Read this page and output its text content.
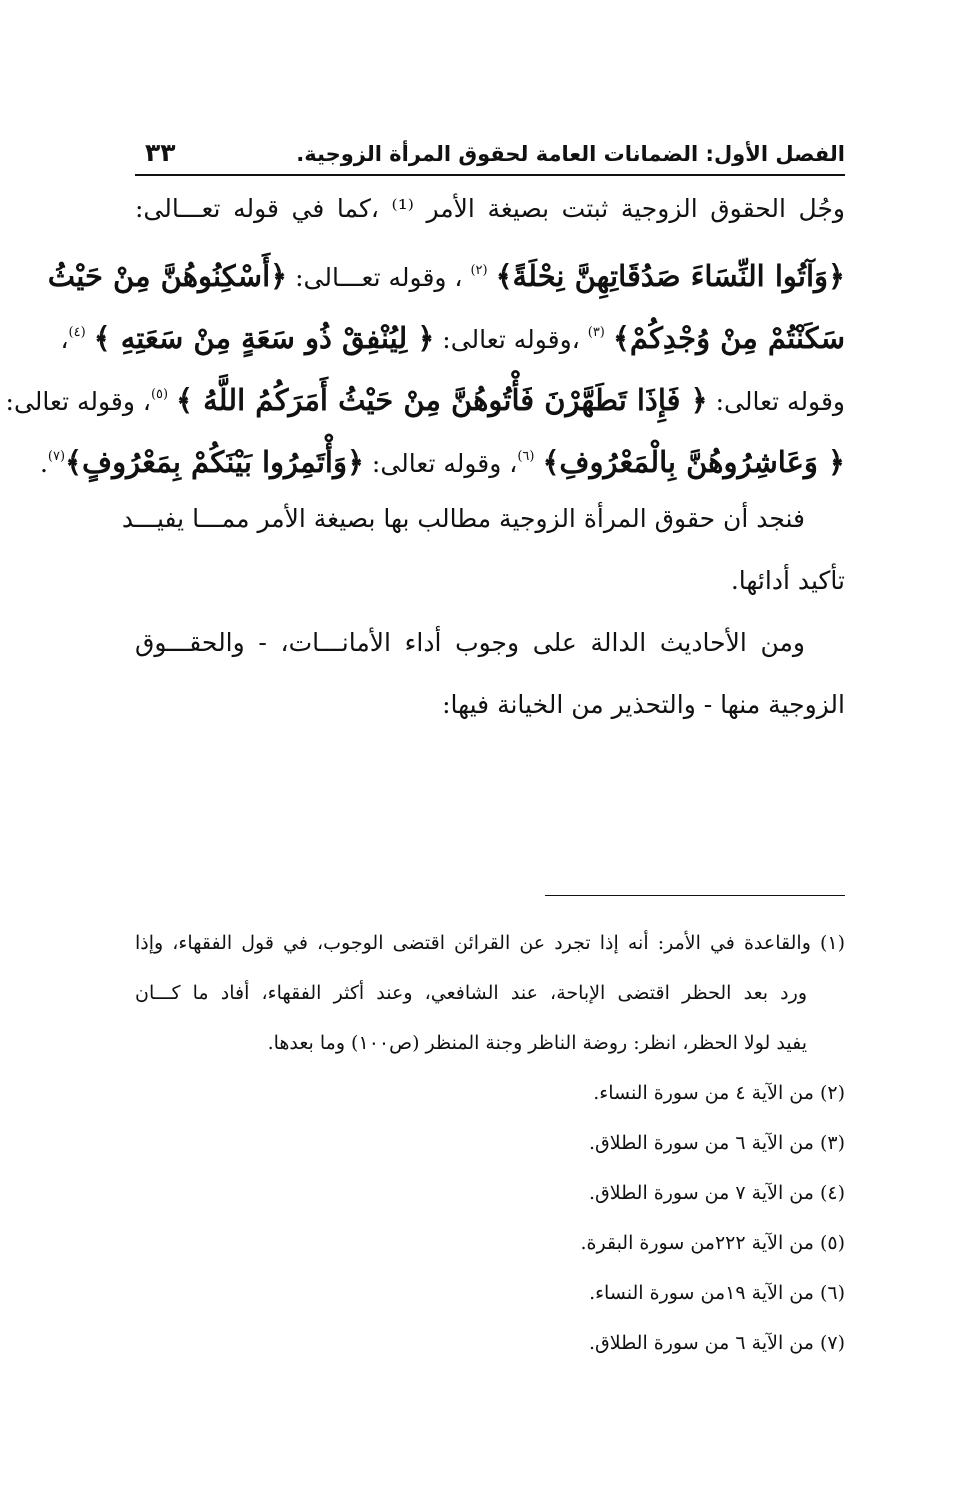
الفصل الأول: الضمانات العامة لحقوق المرأة الزوجية.
٣٣
وجُل الحقوق الزوجية ثبتت بصيغة الأمر ⁽¹⁾ ،كما في قوله تعـــالى:
﴿وَآتُوا النِّسَاءَ صَدُقَاتِهِنَّ نِحْلَةً﴾ $^{(٢)}$ ، وقوله تعـــالى: ﴿أَسْكِنُوهُنَّ مِنْ حَيْثُ
سَكَنْتُمْ مِنْ وُجْدِكُمْ﴾ $^{(٣)}$ ،وقوله تعالى: ﴿ لِيُنْفِقْ ذُو سَعَةٍ مِنْ سَعَتِهِ ﴾ $^{(٤)}$،
وقوله تعالى: ﴿ فَإِذَا تَطَهَّرْنَ فَأْتُوهُنَّ مِنْ حَيْثُ أَمَرَكُمُ اللَّهُ ﴾ $^{(٥)}$، وقوله تعالى:
﴿ وَعَاشِرُوهُنَّ بِالْمَعْرُوفِ﴾ $^{(٦)}$، وقوله تعالى: ﴿وَأْتَمِرُوا بَيْنَكُمْ بِمَعْرُوفٍ﴾$^{(٧)}$.
فنجد أن حقوق المرأة الزوجية مطالب بها بصيغة الأمر ممـــا يفيـــد
تأكيد أدائها.
ومن الأحاديث الدالة على وجوب أداء الأمانـــات، - والحقـــوق
الزوجية منها - والتحذير من الخيانة فيها:
(١) والقاعدة في الأمر: أنه إذا تجرد عن القرائن اقتضى الوجوب، في قول الفقهاء، وإذا
ورد بعد الحظر اقتضى الإباحة، عند الشافعي، وعند أكثر الفقهاء، أفاد ما كـــان
يفيد لولا الحظر، انظر: روضة الناظر وجنة المنظر (ص١٠٠) وما بعدها.
(٢) من الآية ٤ من سورة النساء.
(٣) من الآية ٦ من سورة الطلاق.
(٤) من الآية ٧ من سورة الطلاق.
(٥) من الآية ٢٢٢من سورة البقرة.
(٦) من الآية ١٩من سورة النساء.
(٧) من الآية ٦ من سورة الطلاق.
